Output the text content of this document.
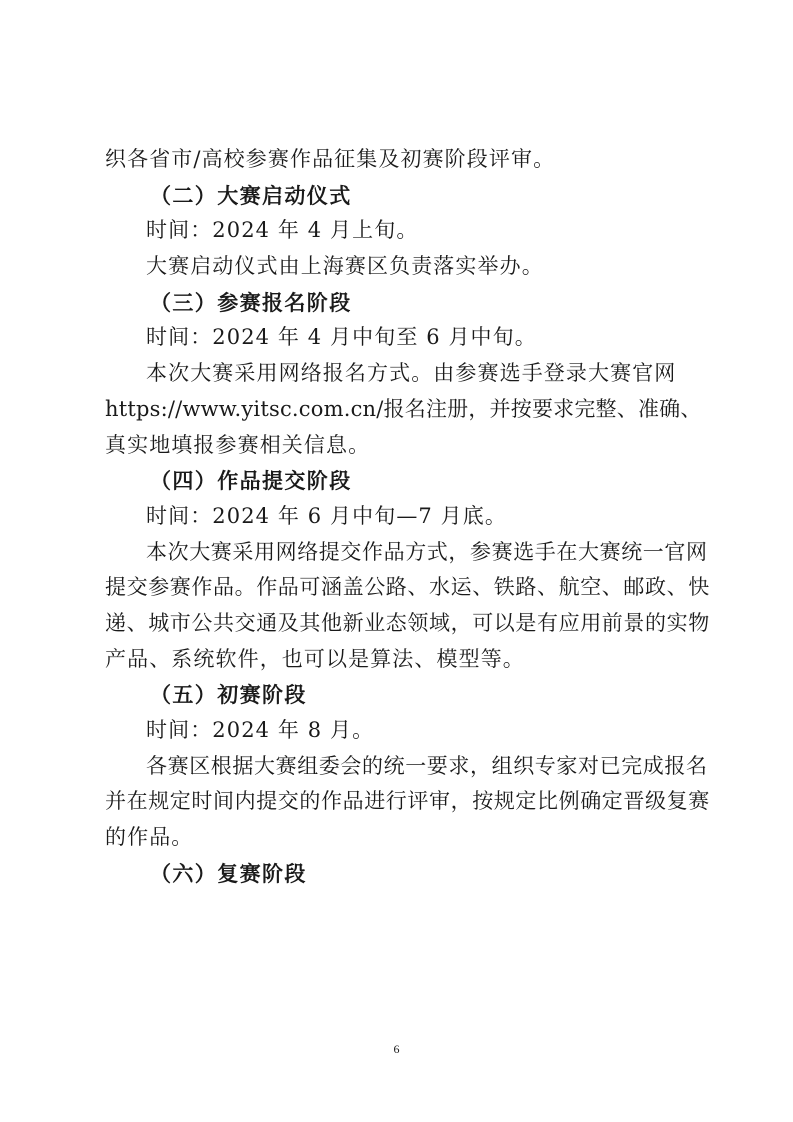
织各省市/高校参赛作品征集及初赛阶段评审。
（二）大赛启动仪式
时间：2024 年 4 月上旬。
大赛启动仪式由上海赛区负责落实举办。
（三）参赛报名阶段
时间：2024 年 4 月中旬至 6 月中旬。
本次大赛采用网络报名方式。由参赛选手登录大赛官网
https://www.yitsc.com.cn/报名注册，并按要求完整、准确、
真实地填报参赛相关信息。
（四）作品提交阶段
时间：2024 年 6 月中旬—7 月底。
本次大赛采用网络提交作品方式，参赛选手在大赛统一官网
提交参赛作品。作品可涵盖公路、水运、铁路、航空、邮政、快
递、城市公共交通及其他新业态领域，可以是有应用前景的实物
产品、系统软件，也可以是算法、模型等。
（五）初赛阶段
时间：2024 年 8 月。
各赛区根据大赛组委会的统一要求，组织专家对已完成报名
并在规定时间内提交的作品进行评审，按规定比例确定晋级复赛
的作品。
（六）复赛阶段
6
